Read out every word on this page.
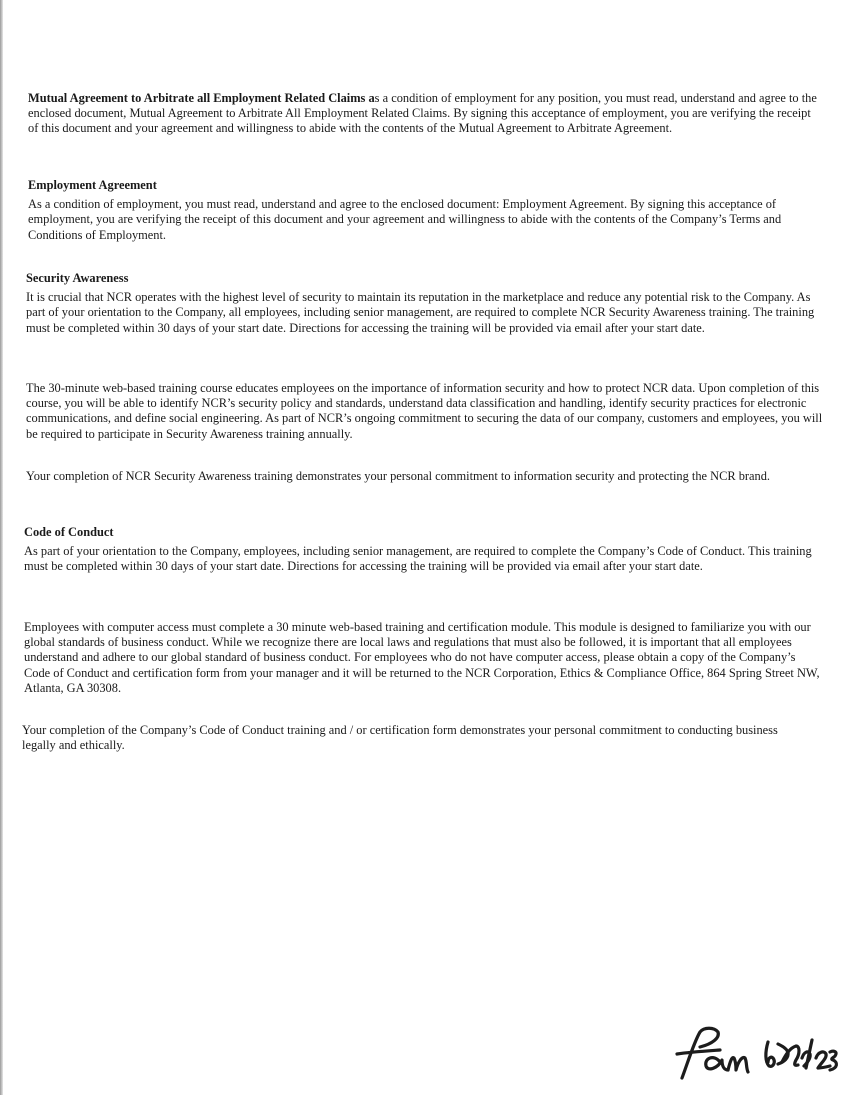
Mutual Agreement to Arbitrate all Employment Related Claims as a condition of employment for any position, you must read, understand and agree to the enclosed document, Mutual Agreement to Arbitrate All Employment Related Claims. By signing this acceptance of employment, you are verifying the receipt of this document and your agreement and willingness to abide with the contents of the Mutual Agreement to Arbitrate Agreement.

Employment Agreement

As a condition of employment, you must read, understand and agree to the enclosed document: Employment Agreement. By signing this acceptance of employment, you are verifying the receipt of this document and your agreement and willingness to abide with the contents of the Company’s Terms and Conditions of Employment.

Security Awareness

It is crucial that NCR operates with the highest level of security to maintain its reputation in the marketplace and reduce any potential risk to the Company. As part of your orientation to the Company, all employees, including senior management, are required to complete NCR Security Awareness training. The training must be completed within 30 days of your start date. Directions for accessing the training will be provided via email after your start date.

The 30-minute web-based training course educates employees on the importance of information security and how to protect NCR data. Upon completion of this course, you will be able to identify NCR’s security policy and standards, understand data classification and handling, identify security practices for electronic communications, and define social engineering. As part of NCR’s ongoing commitment to securing the data of our company, customers and employees, you will be required to participate in Security Awareness training annually.

Your completion of NCR Security Awareness training demonstrates your personal commitment to information security and protecting the NCR brand.

Code of Conduct

As part of your orientation to the Company, employees, including senior management, are required to complete the Company’s Code of Conduct. This training must be completed within 30 days of your start date. Directions for accessing the training will be provided via email after your start date.

Employees with computer access must complete a 30 minute web-based training and certification module. This module is designed to familiarize you with our global standards of business conduct. While we recognize there are local laws and regulations that must also be followed, it is important that all employees understand and adhere to our global standard of business conduct. For employees who do not have computer access, please obtain a copy of the Company’s Code of Conduct and certification form from your manager and it will be returned to the NCR Corporation, Ethics & Compliance Office, 864 Spring Street NW, Atlanta, GA 30308.

Your completion of the Company’s Code of Conduct training and / or certification form demonstrates your personal commitment to conducting business legally and ethically.
